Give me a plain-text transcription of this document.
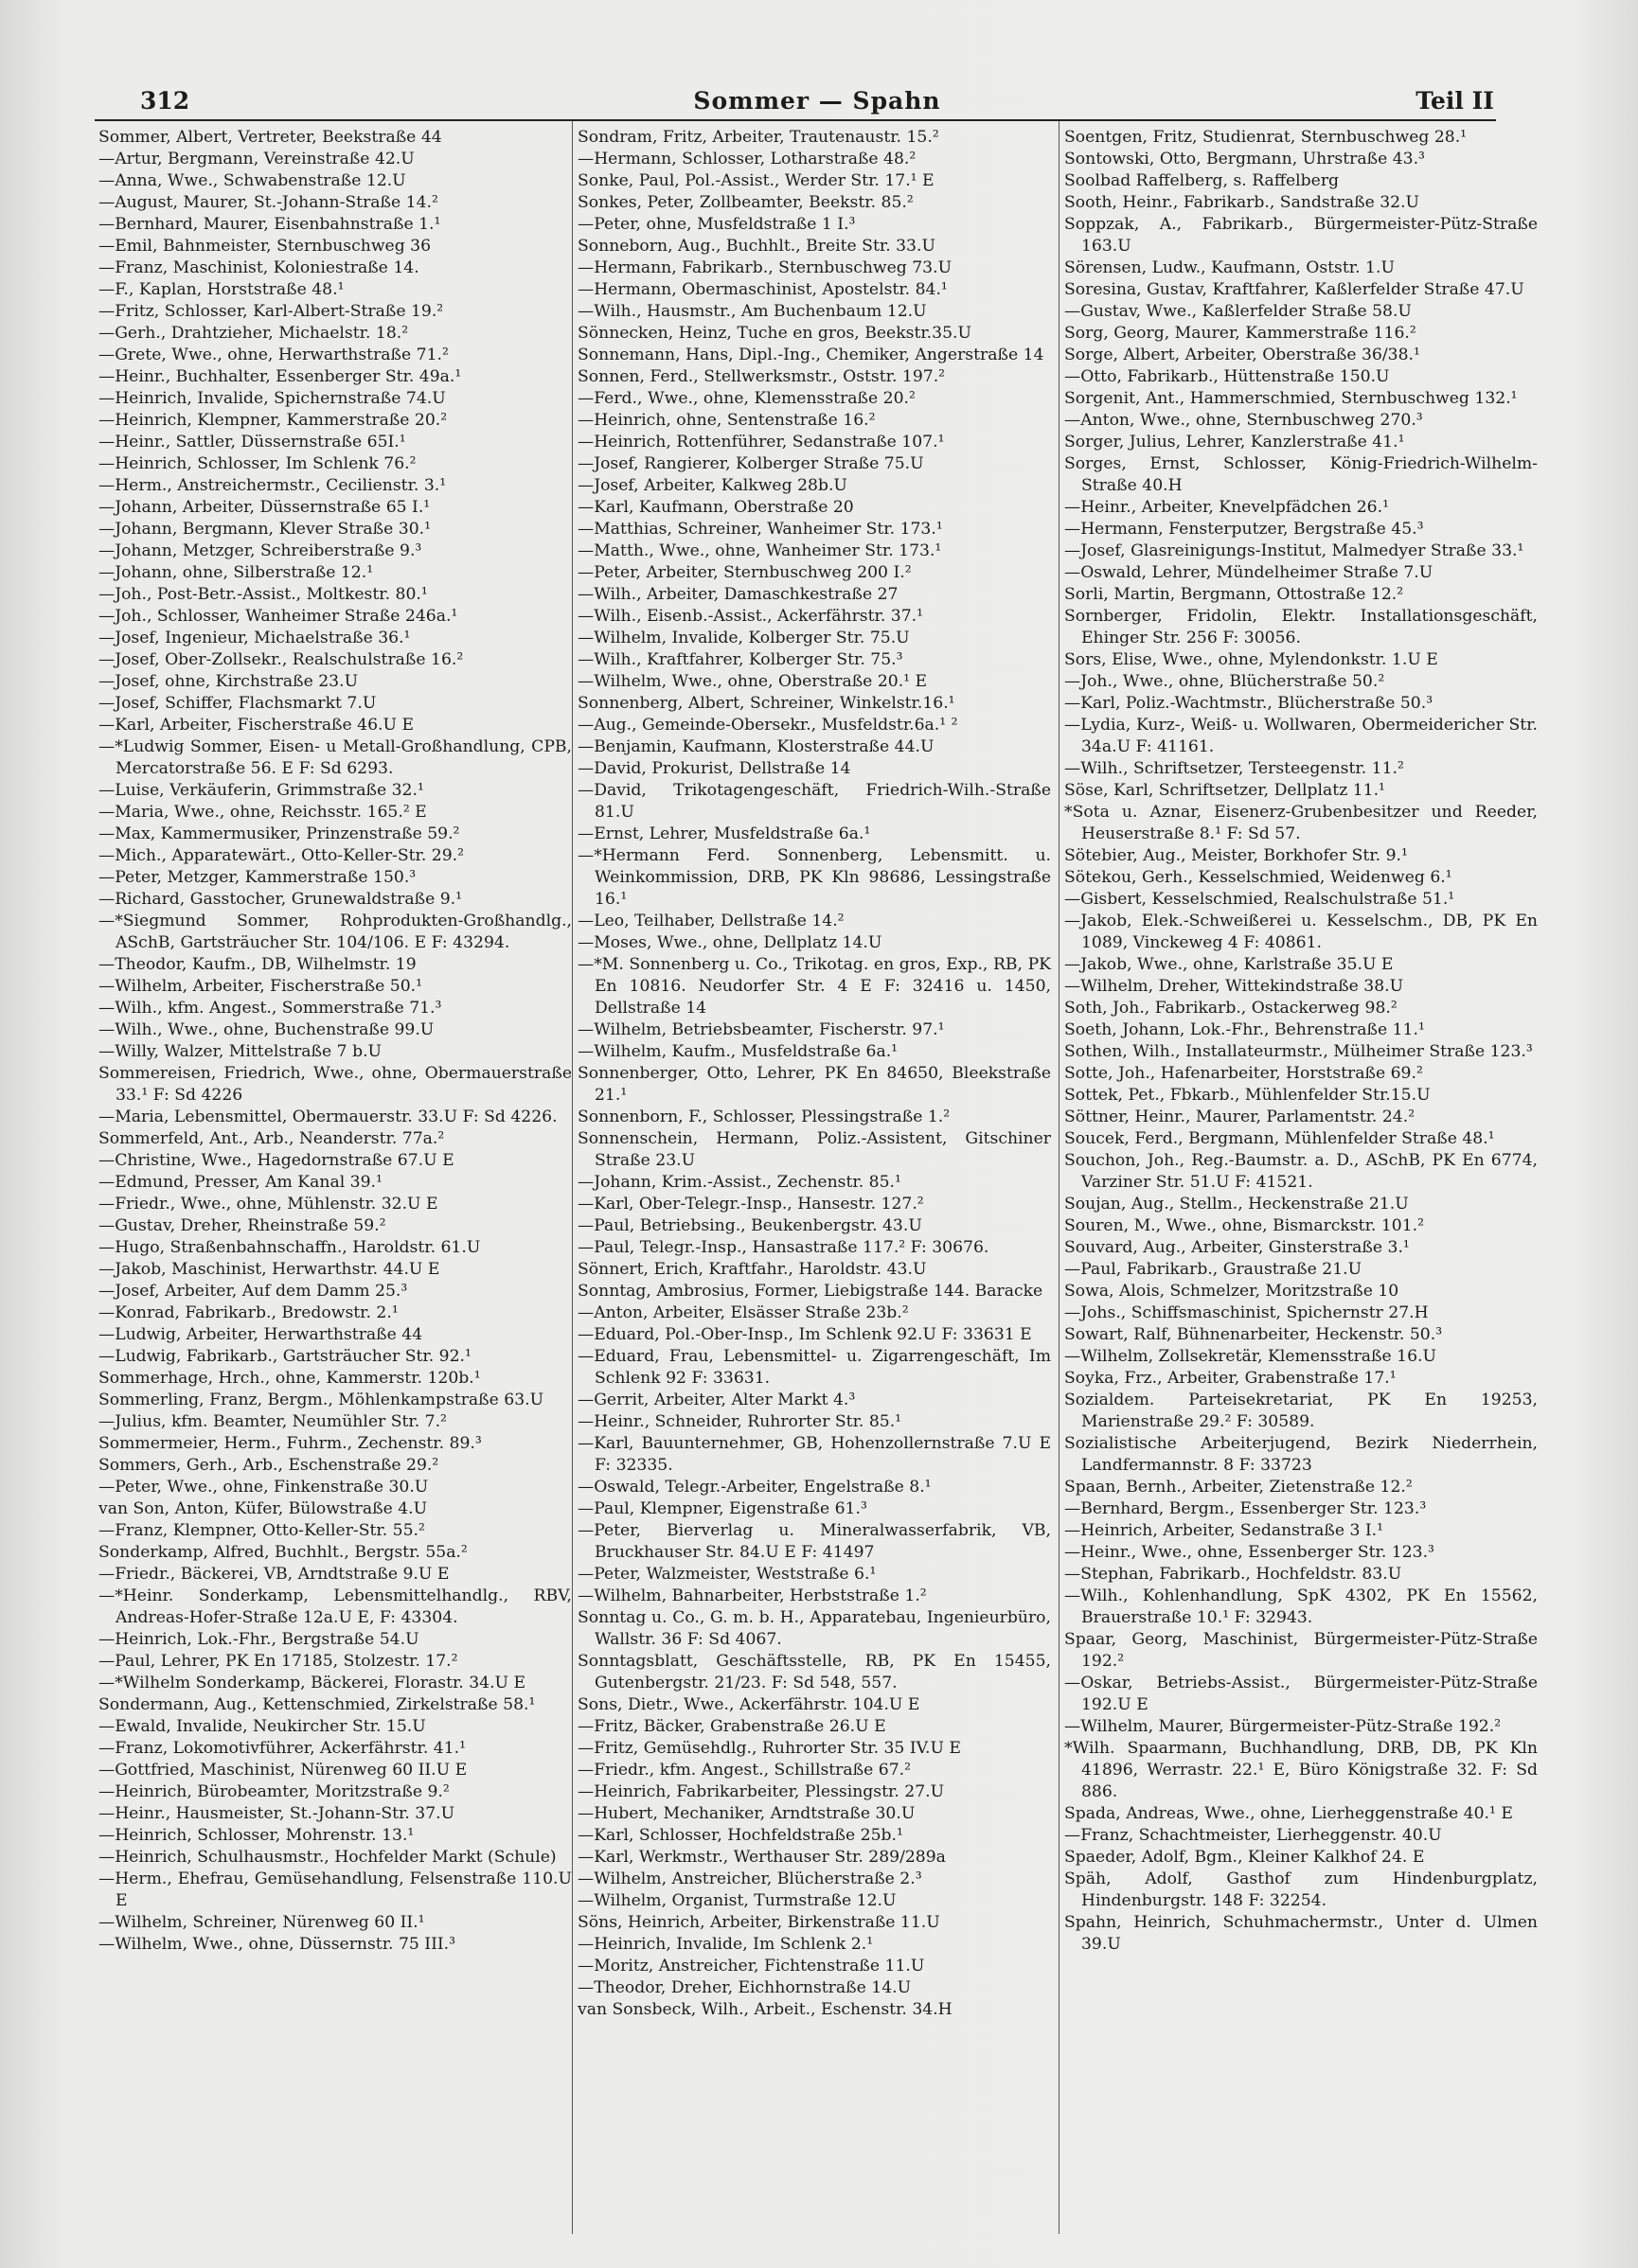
312	Sommer — Spahn	Teil II

Sommer, Albert, Vertreter, Beekstraße 44

—Artur, Bergmann, Vereinstraße 42.U

—Anna, Wwe., Schwabenstraße 12.U

—August, Maurer, St.-Johann-Straße 14.²

—Bernhard, Maurer, Eisenbahnstraße 1.¹

—Emil, Bahnmeister, Sternbuschweg 36

—Franz, Maschinist, Koloniestraße 14.

—F., Kaplan, Horststraße 48.¹

—Fritz, Schlosser, Karl-Albert-Straße 19.²

—Gerh., Drahtzieher, Michaelstr. 18.²

—Grete, Wwe., ohne, Herwarthstraße 71.²

—Heinr., Buchhalter, Essenberger Str. 49a.¹

—Heinrich, Invalide, Spichernstraße 74.U

—Heinrich, Klempner, Kammerstraße 20.²

—Heinr., Sattler, Düssernstraße 65I.¹

—Heinrich, Schlosser, Im Schlenk 76.²

—Herm., Anstreichermstr., Cecilienstr. 3.¹

—Johann, Arbeiter, Düssernstraße 65 I.¹

—Johann, Bergmann, Klever Straße 30.¹

—Johann, Metzger, Schreiberstraße 9.³

—Johann, ohne, Silberstraße 12.¹

—Joh., Post-Betr.-Assist., Moltkestr. 80.¹

—Joh., Schlosser, Wanheimer Straße 246a.¹

—Josef, Ingenieur, Michaelstraße 36.¹

—Josef, Ober-Zollsekr., Realschulstraße 16.²

—Josef, ohne, Kirchstraße 23.U

—Josef, Schiffer, Flachsmarkt 7.U

—Karl, Arbeiter, Fischerstraße 46.U E

—*Ludwig Sommer, Eisen- u Metall-Großhandlung, CPB, Mercatorstraße 56. E F: Sd 6293.

—Luise, Verkäuferin, Grimmstraße 32.¹

—Maria, Wwe., ohne, Reichsstr. 165.² E

—Max, Kammermusiker, Prinzenstraße 59.²

—Mich., Apparatewärt., Otto-Keller-Str. 29.²

—Peter, Metzger, Kammerstraße 150.³

—Richard, Gasstocher, Grunewaldstraße 9.¹

—*Siegmund Sommer, Rohprodukten-Großhandlg., ASchB, Gartsträucher Str. 104/106. E F: 43294.

—Theodor, Kaufm., DB, Wilhelmstr. 19

—Wilhelm, Arbeiter, Fischerstraße 50.¹

—Wilh., kfm. Angest., Sommerstraße 71.³

—Wilh., Wwe., ohne, Buchenstraße 99.U

—Willy, Walzer, Mittelstraße 7 b.U

Sommereisen, Friedrich, Wwe., ohne, Obermauerstraße 33.¹ F: Sd 4226

—Maria, Lebensmittel, Obermauerstr. 33.U F: Sd 4226.

Sommerfeld, Ant., Arb., Neanderstr. 77a.²

—Christine, Wwe., Hagedornstraße 67.U E

—Edmund, Presser, Am Kanal 39.¹

—Friedr., Wwe., ohne, Mühlenstr. 32.U E

—Gustav, Dreher, Rheinstraße 59.²

—Hugo, Straßenbahnschaffn., Haroldstr. 61.U

—Jakob, Maschinist, Herwarthstr. 44.U E

—Josef, Arbeiter, Auf dem Damm 25.³

—Konrad, Fabrikarb., Bredowstr. 2.¹

—Ludwig, Arbeiter, Herwarthstraße 44

—Ludwig, Fabrikarb., Gartsträucher Str. 92.¹

Sommerhage, Hrch., ohne, Kammerstr. 120b.¹

Sommerling, Franz, Bergm., Möhlenkampstraße 63.U

—Julius, kfm. Beamter, Neumühler Str. 7.²

Sommermeier, Herm., Fuhrm., Zechenstr. 89.³

Sommers, Gerh., Arb., Eschenstraße 29.²

—Peter, Wwe., ohne, Finkenstraße 30.U

van Son, Anton, Küfer, Bülowstraße 4.U

—Franz, Klempner, Otto-Keller-Str. 55.²

Sonderkamp, Alfred, Buchhlt., Bergstr. 55a.²

—Friedr., Bäckerei, VB, Arndtstraße 9.U E

—*Heinr. Sonderkamp, Lebensmittelhandlg., RBV, Andreas-Hofer-Straße 12a.U E, F: 43304.

—Heinrich, Lok.-Fhr., Bergstraße 54.U

—Paul, Lehrer, PK En 17185, Stolzestr. 17.²

—*Wilhelm Sonderkamp, Bäckerei, Florastr. 34.U E

Sondermann, Aug., Kettenschmied, Zirkelstraße 58.¹

—Ewald, Invalide, Neukircher Str. 15.U

—Franz, Lokomotivführer, Ackerfährstr. 41.¹

—Gottfried, Maschinist, Nürenweg 60 II.U E

—Heinrich, Bürobeamter, Moritzstraße 9.²

—Heinr., Hausmeister, St.-Johann-Str. 37.U

—Heinrich, Schlosser, Mohrenstr. 13.¹

—Heinrich, Schulhausmstr., Hochfelder Markt (Schule)

—Herm., Ehefrau, Gemüsehandlung, Felsenstraße 110.U E

—Wilhelm, Schreiner, Nürenweg 60 II.¹

—Wilhelm, Wwe., ohne, Düssernstr. 75 III.³

Sondram, Fritz, Arbeiter, Trautenaustr. 15.²

—Hermann, Schlosser, Lotharstraße 48.²

Sonke, Paul, Pol.-Assist., Werder Str. 17.¹ E

Sonkes, Peter, Zollbeamter, Beekstr. 85.²

—Peter, ohne, Musfeldstraße 1 I.³

Sonneborn, Aug., Buchhlt., Breite Str. 33.U

—Hermann, Fabrikarb., Sternbuschweg 73.U

—Hermann, Obermaschinist, Apostelstr. 84.¹

—Wilh., Hausmstr., Am Buchenbaum 12.U

Sönnecken, Heinz, Tuche en gros, Beekstr.35.U

Sonnemann, Hans, Dipl.-Ing., Chemiker, Angerstraße 14

Sonnen, Ferd., Stellwerksmstr., Oststr. 197.²

—Ferd., Wwe., ohne, Klemensstraße 20.²

—Heinrich, ohne, Sentenstraße 16.²

—Heinrich, Rottenführer, Sedanstraße 107.¹

—Josef, Rangierer, Kolberger Straße 75.U

—Josef, Arbeiter, Kalkweg 28b.U

—Karl, Kaufmann, Oberstraße 20

—Matthias, Schreiner, Wanheimer Str. 173.¹

—Matth., Wwe., ohne, Wanheimer Str. 173.¹

—Peter, Arbeiter, Sternbuschweg 200 I.²

—Wilh., Arbeiter, Damaschkestraße 27

—Wilh., Eisenb.-Assist., Ackerfährstr. 37.¹

—Wilhelm, Invalide, Kolberger Str. 75.U

—Wilh., Kraftfahrer, Kolberger Str. 75.³

—Wilhelm, Wwe., ohne, Oberstraße 20.¹ E

Sonnenberg, Albert, Schreiner, Winkelstr.16.¹

—Aug., Gemeinde-Obersekr., Musfeldstr.6a.¹ ²

—Benjamin, Kaufmann, Klosterstraße 44.U

—David, Prokurist, Dellstraße 14

—David, Trikotagengeschäft, Friedrich-Wilh.-Straße 81.U

—Ernst, Lehrer, Musfeldstraße 6a.¹

—*Hermann Ferd. Sonnenberg, Lebensmitt. u. Weinkommission, DRB, PK Kln 98686, Lessingstraße 16.¹

—Leo, Teilhaber, Dellstraße 14.²

—Moses, Wwe., ohne, Dellplatz 14.U

—*M. Sonnenberg u. Co., Trikotag. en gros, Exp., RB, PK En 10816. Neudorfer Str. 4 E F: 32416 u. 1450, Dellstraße 14

—Wilhelm, Betriebsbeamter, Fischerstr. 97.¹

—Wilhelm, Kaufm., Musfeldstraße 6a.¹

Sonnenberger, Otto, Lehrer, PK En 84650, Bleekstraße 21.¹

Sonnenborn, F., Schlosser, Plessingstraße 1.²

Sonnenschein, Hermann, Poliz.-Assistent, Gitschiner Straße 23.U

—Johann, Krim.-Assist., Zechenstr. 85.¹

—Karl, Ober-Telegr.-Insp., Hansestr. 127.²

—Paul, Betriebsing., Beukenbergstr. 43.U

—Paul, Telegr.-Insp., Hansastraße 117.² F: 30676.

Sönnert, Erich, Kraftfahr., Haroldstr. 43.U

Sonntag, Ambrosius, Former, Liebigstraße 144. Baracke

—Anton, Arbeiter, Elsässer Straße 23b.²

—Eduard, Pol.-Ober-Insp., Im Schlenk 92.U F: 33631 E

—Eduard, Frau, Lebensmittel- u. Zigarrengeschäft, Im Schlenk 92 F: 33631.

—Gerrit, Arbeiter, Alter Markt 4.³

—Heinr., Schneider, Ruhrorter Str. 85.¹

—Karl, Bauunternehmer, GB, Hohenzollernstraße 7.U E F: 32335.

—Oswald, Telegr.-Arbeiter, Engelstraße 8.¹

—Paul, Klempner, Eigenstraße 61.³

—Peter, Bierverlag u. Mineralwasserfabrik, VB, Bruckhauser Str. 84.U E F: 41497

—Peter, Walzmeister, Weststraße 6.¹

—Wilhelm, Bahnarbeiter, Herbststraße 1.²

Sonntag u. Co., G. m. b. H., Apparatebau, Ingenieurbüro, Wallstr. 36 F: Sd 4067.

Sonntagsblatt, Geschäftsstelle, RB, PK En 15455, Gutenbergstr. 21/23. F: Sd 548, 557.

Sons, Dietr., Wwe., Ackerfährstr. 104.U E

—Fritz, Bäcker, Grabenstraße 26.U E

—Fritz, Gemüsehdlg., Ruhrorter Str. 35 IV.U E

—Friedr., kfm. Angest., Schillstraße 67.²

—Heinrich, Fabrikarbeiter, Plessingstr. 27.U

—Hubert, Mechaniker, Arndtstraße 30.U

—Karl, Schlosser, Hochfeldstraße 25b.¹

—Karl, Werkmstr., Werthauser Str. 289/289a

—Wilhelm, Anstreicher, Blücherstraße 2.³

—Wilhelm, Organist, Turmstraße 12.U

Söns, Heinrich, Arbeiter, Birkenstraße 11.U

—Heinrich, Invalide, Im Schlenk 2.¹

—Moritz, Anstreicher, Fichtenstraße 11.U

—Theodor, Dreher, Eichhornstraße 14.U

van Sonsbeck, Wilh., Arbeit., Eschenstr. 34.H

Soentgen, Fritz, Studienrat, Sternbuschweg 28.¹

Sontowski, Otto, Bergmann, Uhrstraße 43.³

Soolbad Raffelberg, s. Raffelberg

Sooth, Heinr., Fabrikarb., Sandstraße 32.U

Soppzak, A., Fabrikarb., Bürgermeister-Pütz-Straße 163.U

Sörensen, Ludw., Kaufmann, Oststr. 1.U

Soresina, Gustav, Kraftfahrer, Kaßlerfelder Straße 47.U

—Gustav, Wwe., Kaßlerfelder Straße 58.U

Sorg, Georg, Maurer, Kammerstraße 116.²

Sorge, Albert, Arbeiter, Oberstraße 36/38.¹

—Otto, Fabrikarb., Hüttenstraße 150.U

Sorgenit, Ant., Hammerschmied, Sternbuschweg 132.¹

—Anton, Wwe., ohne, Sternbuschweg 270.³

Sorger, Julius, Lehrer, Kanzlerstraße 41.¹

Sorges, Ernst, Schlosser, König-Friedrich-Wilhelm-Straße 40.H

—Heinr., Arbeiter, Knevelpfädchen 26.¹

—Hermann, Fensterputzer, Bergstraße 45.³

—Josef, Glasreinigungs-Institut, Malmedyer Straße 33.¹

—Oswald, Lehrer, Mündelheimer Straße 7.U

Sorli, Martin, Bergmann, Ottostraße 12.²

Sornberger, Fridolin, Elektr. Installationsgeschäft, Ehinger Str. 256 F: 30056.

Sors, Elise, Wwe., ohne, Mylendonkstr. 1.U E

—Joh., Wwe., ohne, Blücherstraße 50.²

—Karl, Poliz.-Wachtmstr., Blücherstraße 50.³

—Lydia, Kurz-, Weiß- u. Wollwaren, Obermeidericher Str. 34a.U F: 41161.

—Wilh., Schriftsetzer, Tersteegenstr. 11.²

Söse, Karl, Schriftsetzer, Dellplatz 11.¹

*Sota u. Aznar, Eisenerz-Grubenbesitzer und Reeder, Heuserstraße 8.¹ F: Sd 57.

Sötebier, Aug., Meister, Borkhofer Str. 9.¹

Sötekou, Gerh., Kesselschmied, Weidenweg 6.¹

—Gisbert, Kesselschmied, Realschulstraße 51.¹

—Jakob, Elek.-Schweißerei u. Kesselschm., DB, PK En 1089, Vinckeweg 4 F: 40861.

—Jakob, Wwe., ohne, Karlstraße 35.U E

—Wilhelm, Dreher, Wittekindstraße 38.U

Soth, Joh., Fabrikarb., Ostackerweg 98.²

Soeth, Johann, Lok.-Fhr., Behrenstraße 11.¹

Sothen, Wilh., Installateurmstr., Mülheimer Straße 123.³

Sotte, Joh., Hafenarbeiter, Horststraße 69.²

Sottek, Pet., Fbkarb., Mühlenfelder Str.15.U

Söttner, Heinr., Maurer, Parlamentstr. 24.²

Soucek, Ferd., Bergmann, Mühlenfelder Straße 48.¹

Souchon, Joh., Reg.-Baumstr. a. D., ASchB, PK En 6774, Varziner Str. 51.U F: 41521.

Soujan, Aug., Stellm., Heckenstraße 21.U

Souren, M., Wwe., ohne, Bismarckstr. 101.²

Souvard, Aug., Arbeiter, Ginsterstraße 3.¹

—Paul, Fabrikarb., Graustraße 21.U

Sowa, Alois, Schmelzer, Moritzstraße 10

—Johs., Schiffsmaschinist, Spichernstr 27.H

Sowart, Ralf, Bühnenarbeiter, Heckenstr. 50.³

—Wilhelm, Zollsekretär, Klemensstraße 16.U

Soyka, Frz., Arbeiter, Grabenstraße 17.¹

Sozialdem. Parteisekretariat, PK En 19253, Marienstraße 29.² F: 30589.

Sozialistische Arbeiterjugend, Bezirk Niederrhein, Landfermannstr. 8 F: 33723

Spaan, Bernh., Arbeiter, Zietenstraße 12.²

—Bernhard, Bergm., Essenberger Str. 123.³

—Heinrich, Arbeiter, Sedanstraße 3 I.¹

—Heinr., Wwe., ohne, Essenberger Str. 123.³

—Stephan, Fabrikarb., Hochfeldstr. 83.U

—Wilh., Kohlenhandlung, SpK 4302, PK En 15562, Brauerstraße 10.¹ F: 32943.

Spaar, Georg, Maschinist, Bürgermeister-Pütz-Straße 192.²

—Oskar, Betriebs-Assist., Bürgermeister-Pütz-Straße 192.U E

—Wilhelm, Maurer, Bürgermeister-Pütz-Straße 192.²

*Wilh. Spaarmann, Buchhandlung, DRB, DB, PK Kln 41896, Werrastr. 22.¹ E, Büro Königstraße 32. F: Sd 886.

Spada, Andreas, Wwe., ohne, Lierheggenstraße 40.¹ E

—Franz, Schachtmeister, Lierheggenstr. 40.U

Spaeder, Adolf, Bgm., Kleiner Kalkhof 24. E

Späh, Adolf, Gasthof zum Hindenburgplatz, Hindenburgstr. 148 F: 32254.

Spahn, Heinrich, Schuhmachermstr., Unter d. Ulmen 39.U
